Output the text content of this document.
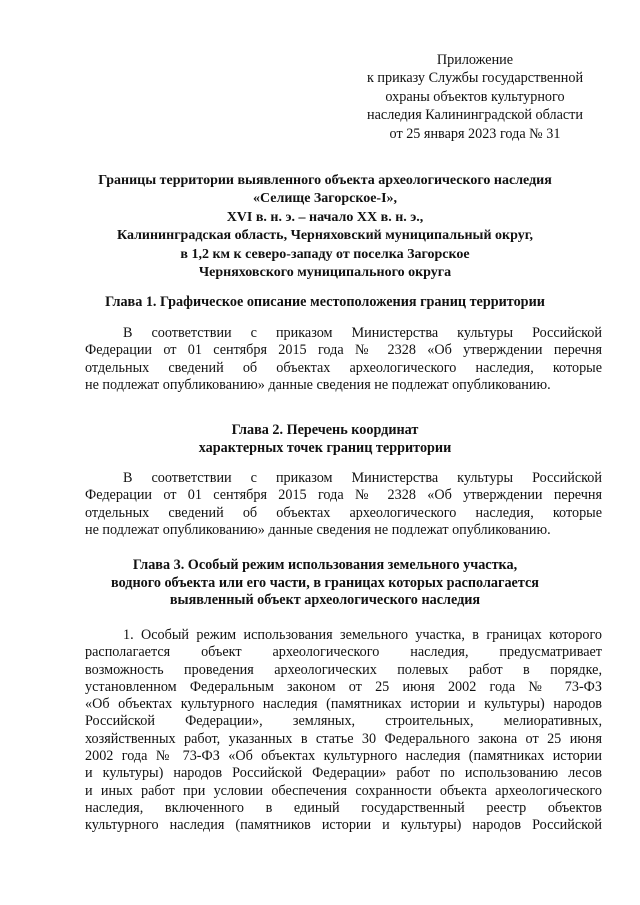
Приложение
к приказу Службы государственной
охраны объектов культурного
наследия Калининградской области
от 25 января 2023 года № 31
Границы территории выявленного объекта археологического наследия
«Селище Загорское-I»,
XVI в. н. э. – начало XX в. н. э.,
Калининградская область, Черняховский муниципальный округ,
в 1,2 км к северо-западу от поселка Загорское
Черняховского муниципального округа
Глава 1. Графическое описание местоположения границ территории
В соответствии с приказом Министерства культуры Российской
Федерации от 01 сентября 2015 года № 2328 «Об утверждении перечня
отдельных сведений об объектах археологического наследия, которые
не подлежат опубликованию» данные сведения не подлежат опубликованию.
Глава 2. Перечень координат
характерных точек границ территории
В соответствии с приказом Министерства культуры Российской
Федерации от 01 сентября 2015 года № 2328 «Об утверждении перечня
отдельных сведений об объектах археологического наследия, которые
не подлежат опубликованию» данные сведения не подлежат опубликованию.
Глава 3. Особый режим использования земельного участка,
водного объекта или его части, в границах которых располагается
выявленный объект археологического наследия
1. Особый режим использования земельного участка, в границах которого
располагается объект археологического наследия, предусматривает
возможность проведения археологических полевых работ в порядке,
установленном Федеральным законом от 25 июня 2002 года № 73-ФЗ
«Об объектах культурного наследия (памятниках истории и культуры) народов
Российской Федерации», земляных, строительных, мелиоративных,
хозяйственных работ, указанных в статье 30 Федерального закона от 25 июня
2002 года № 73-ФЗ «Об объектах культурного наследия (памятниках истории
и культуры) народов Российской Федерации» работ по использованию лесов
и иных работ при условии обеспечения сохранности объекта археологического
наследия, включенного в единый государственный реестр объектов
культурного наследия (памятников истории и культуры) народов Российской
